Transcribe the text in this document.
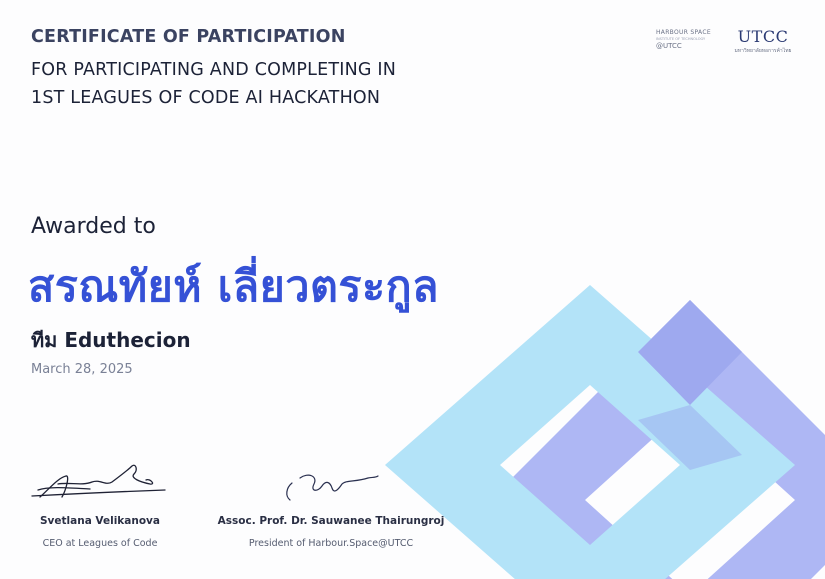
CERTIFICATE OF PARTICIPATION
FOR PARTICIPATING AND COMPLETING IN
1ST LEAGUES OF CODE AI HACKATHON
HARBOUR SPACE
INSTITUTE OF TECHNOLOGY
@UTCC	UTCC
มหาวิทยาลัยหอการค้าไทย
Awarded to
สรณทัยห์ เลี่ยวตระกูล
ทีม Eduthecion
March 28, 2025
Svetlana Velikanova
CEO at Leagues of Code
Assoc. Prof. Dr. Sauwanee Thairungroj
President of Harbour.Space@UTCC
